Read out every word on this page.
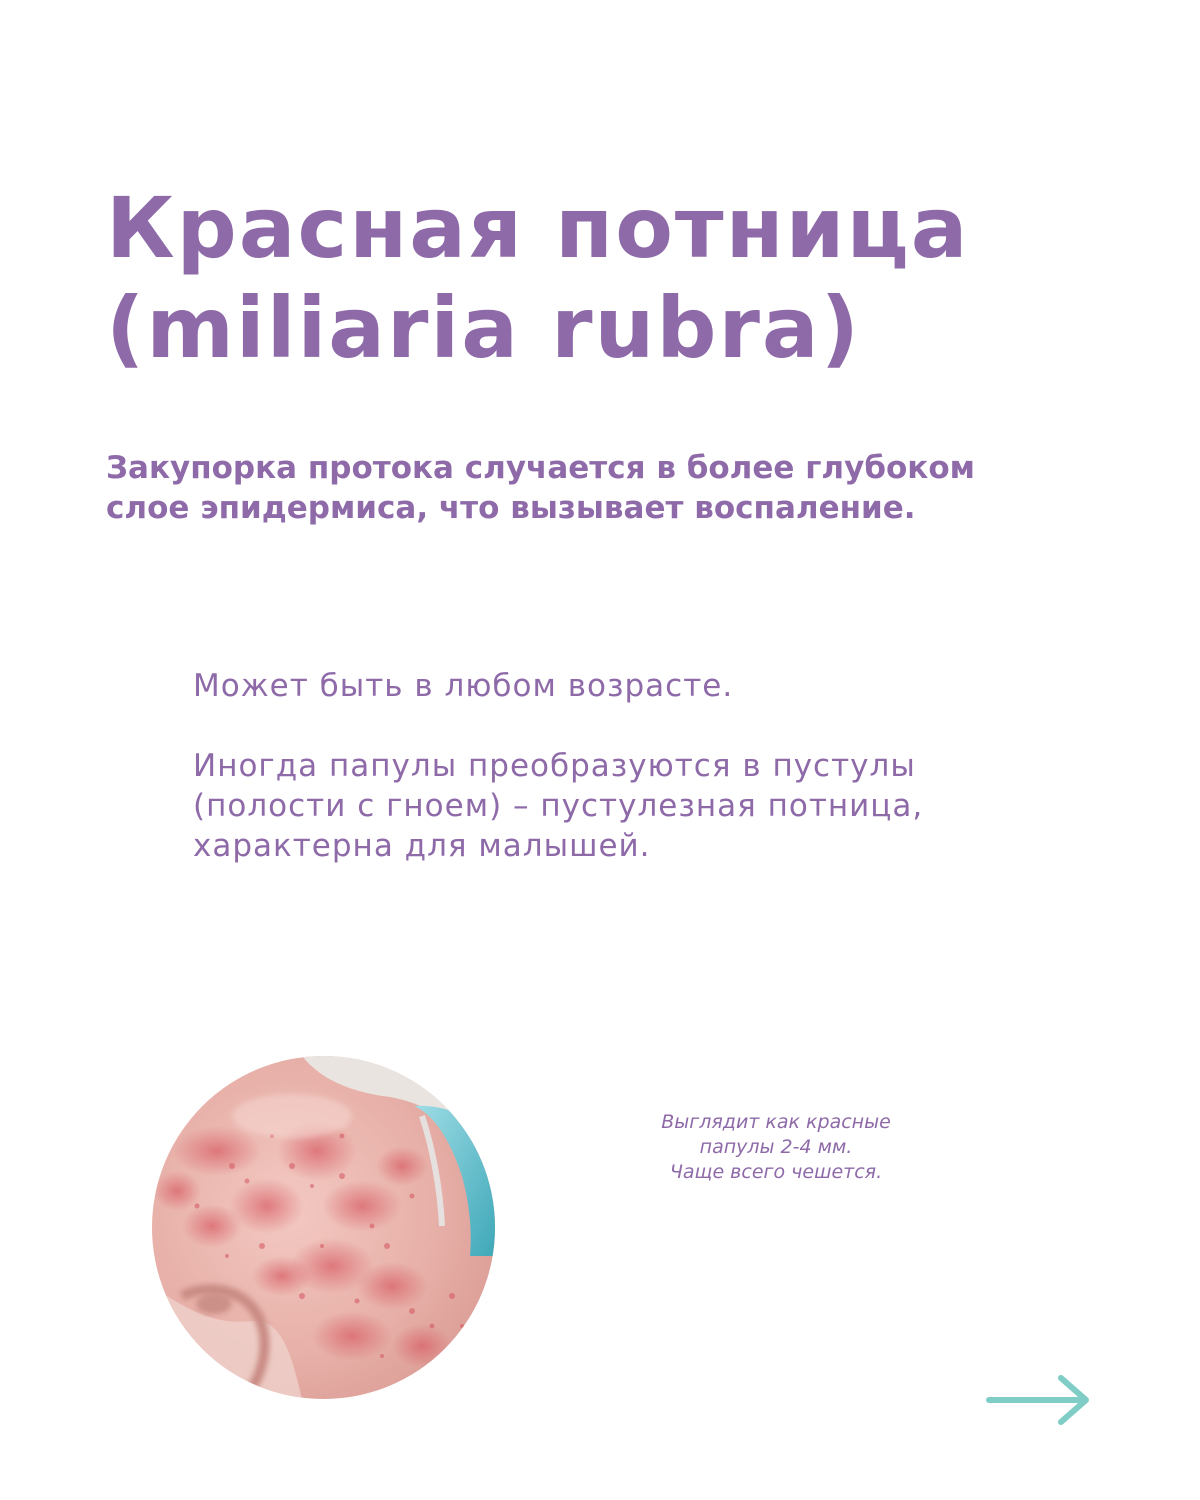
Красная потница
(miliaria rubra)

Закупорка протока случается в более глубоком
слое эпидермиса, что вызывает воспаление.

Может быть в любом возрасте.

Иногда папулы преобразуются в пустулы
(полости с гноем) – пустулезная потница,
характерна для малышей.

Выглядит как красные
папулы 2-4 мм.
Чаще всего чешется.
